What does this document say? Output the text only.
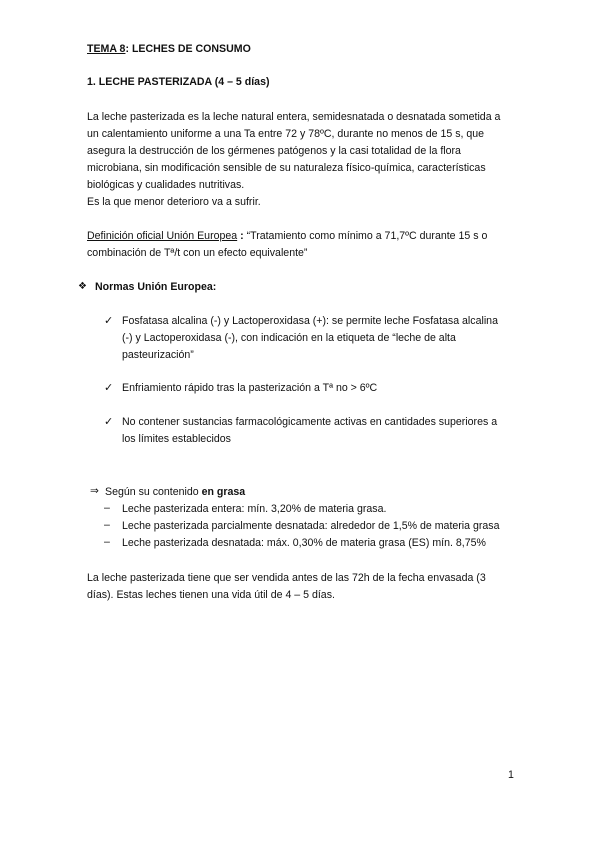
TEMA 8: LECHES DE CONSUMO
1. LECHE PASTERIZADA (4 – 5 días)
La leche pasterizada es la leche natural entera, semidesnatada o desnatada sometida a
un calentamiento uniforme a una Ta entre 72 y 78ºC, durante no menos de 15 s, que
asegura la destrucción de los gérmenes patógenos y la casi totalidad de la flora
microbiana, sin modificación sensible de su naturaleza físico-química, características
biológicas y cualidades nutritivas.
Es la que menor deterioro va a sufrir.
Definición oficial Unión Europea : “Tratamiento como mínimo a 71,7ºC durante 15 s o
combinación de Tª/t con un efecto equivalente”
❖ Normas Unión Europea:
✓ Fosfatasa alcalina (-) y Lactoperoxidasa (+): se permite leche Fosfatasa alcalina
(-) y Lactoperoxidasa (-), con indicación en la etiqueta de “leche de alta
pasteurización”
✓ Enfriamiento rápido tras la pasterización a Tª no > 6ºC
✓ No contener sustancias farmacológicamente activas en cantidades superiores a
los límites establecidos
⇒ Según su contenido en grasa
– Leche pasterizada entera: mín. 3,20% de materia grasa.
– Leche pasterizada parcialmente desnatada: alrededor de 1,5% de materia grasa
– Leche pasterizada desnatada: máx. 0,30% de materia grasa (ES) mín. 8,75%
La leche pasterizada tiene que ser vendida antes de las 72h de la fecha envasada (3
días). Estas leches tienen una vida útil de 4 – 5 días.
1
